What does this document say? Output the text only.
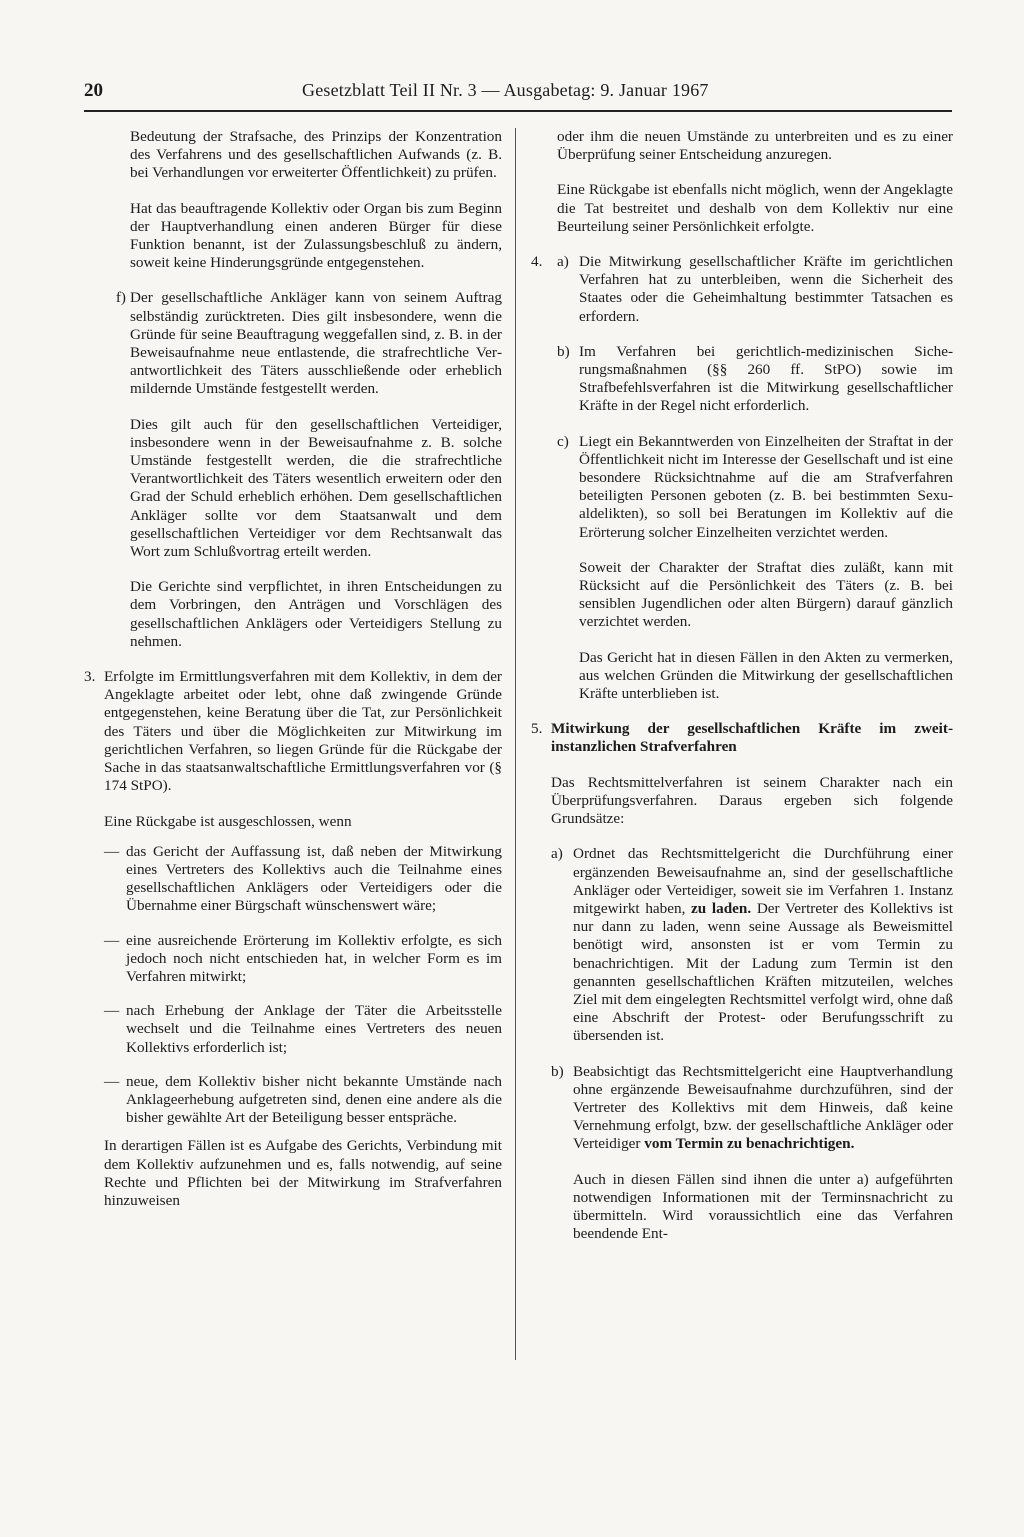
20	Gesetzblatt Teil II Nr. 3 — Ausgabetag: 9. Januar 1967

Bedeutung der Strafsache, des Prinzips der Konzentration des Verfahrens und des gesellschaftlichen Aufwands (z. B. bei Verhandlungen vor erweiterter Öffentlichkeit) zu prüfen.

Hat das beauftragende Kollektiv oder Organ bis zum Beginn der Hauptverhandlung einen anderen Bürger für diese Funktion benannt, ist der Zulassungsbeschluß zu ändern, soweit keine Hinderungsgründe entgegenstehen.

f) Der gesellschaftliche Ankläger kann von seinem Auftrag selbständig zurücktreten. Dies gilt insbesondere, wenn die Gründe für seine Beauftragung weggefallen sind, z. B. in der Beweisaufnahme neue entlastende, die strafrechtliche Verantwortlichkeit des Täters ausschließende oder erheblich mildernde Umstände festgestellt werden.

Dies gilt auch für den gesellschaftlichen Verteidiger, insbesondere wenn in der Beweisaufnahme z. B. solche Umstände festgestellt werden, die die strafrechtliche Verantwortlichkeit des Täters wesentlich erweitern oder den Grad der Schuld erheblich erhöhen. Dem gesellschaftlichen Ankläger sollte vor dem Staatsanwalt und dem gesellschaftlichen Verteidiger vor dem Rechtsanwalt das Wort zum Schlußvortrag erteilt werden.

Die Gerichte sind verpflichtet, in ihren Entscheidungen zu dem Vorbringen, den Anträgen und Vorschlägen des gesellschaftlichen Anklägers oder Verteidigers Stellung zu nehmen.

3. Erfolgte im Ermittlungsverfahren mit dem Kollektiv, in dem der Angeklagte arbeitet oder lebt, ohne daß zwingende Gründe entgegenstehen, keine Beratung über die Tat, zur Persönlichkeit des Täters und über die Möglichkeiten zur Mitwirkung im gerichtlichen Verfahren, so liegen Gründe für die Rückgabe der Sache in das staatsanwaltschaftliche Ermittlungsverfahren vor (§ 174 StPO).

Eine Rückgabe ist ausgeschlossen, wenn

— das Gericht der Auffassung ist, daß neben der Mitwirkung eines Vertreters des Kollektivs auch die Teilnahme eines gesellschaftlichen Anklägers oder Verteidigers oder die Übernahme einer Bürgschaft wünschenswert wäre;
— eine ausreichende Erörterung im Kollektiv erfolgte, es sich jedoch noch nicht entschieden hat, in welcher Form es im Verfahren mitwirkt;
— nach Erhebung der Anklage der Täter die Arbeitsstelle wechselt und die Teilnahme eines Vertreters des neuen Kollektivs erforderlich ist;
— neue, dem Kollektiv bisher nicht bekannte Umstände nach Anklageerhebung aufgetreten sind, denen eine andere als die bisher gewählte Art der Beteiligung besser entspräche.

In derartigen Fällen ist es Aufgabe des Gerichts, Verbindung mit dem Kollektiv aufzunehmen und es, falls notwendig, auf seine Rechte und Pflichten bei der Mitwirkung im Strafverfahren hinzuweisen

oder ihm die neuen Umstände zu unterbreiten und es zu einer Überprüfung seiner Entscheidung anzuregen.

Eine Rückgabe ist ebenfalls nicht möglich, wenn der Angeklagte die Tat bestreitet und deshalb von dem Kollektiv nur eine Beurteilung seiner Persönlichkeit erfolgte.

4. a) Die Mitwirkung gesellschaftlicher Kräfte im gerichtlichen Verfahren hat zu unterbleiben, wenn die Sicherheit des Staates oder die Geheimhaltung bestimmter Tatsachen es erfordern.

b) Im Verfahren bei gerichtlich-medizinischen Sicherungsmaßnahmen (§§ 260 ff. StPO) sowie im Strafbefehlsverfahren ist die Mitwirkung gesellschaftlicher Kräfte in der Regel nicht erforderlich.

c) Liegt ein Bekanntwerden von Einzelheiten der Straftat in der Öffentlichkeit nicht im Interesse der Gesellschaft und ist eine besondere Rücksichtnahme auf die am Strafverfahren beteiligten Personen geboten (z. B. bei bestimmten Sexualdelikten), so soll bei Beratungen im Kollektiv auf die Erörterung solcher Einzelheiten verzichtet werden.

Soweit der Charakter der Straftat dies zuläßt, kann mit Rücksicht auf die Persönlichkeit des Täters (z. B. bei sensiblen Jugendlichen oder alten Bürgern) darauf gänzlich verzichtet werden.

Das Gericht hat in diesen Fällen in den Akten zu vermerken, aus welchen Gründen die Mitwirkung der gesellschaftlichen Kräfte unterblieben ist.

5. Mitwirkung der gesellschaftlichen Kräfte im zweitinstanzlichen Strafverfahren

Das Rechtsmittelverfahren ist seinem Charakter nach ein Überprüfungsverfahren. Daraus ergeben sich folgende Grundsätze:

a) Ordnet das Rechtsmittelgericht die Durchführung einer ergänzenden Beweisaufnahme an, sind der gesellschaftliche Ankläger oder Verteidiger, soweit sie im Verfahren 1. Instanz mitgewirkt haben, zu laden. Der Vertreter des Kollektivs ist nur dann zu laden, wenn seine Aussage als Beweismittel benötigt wird, ansonsten ist er vom Termin zu benachrichtigen. Mit der Ladung zum Termin ist den genannten gesellschaftlichen Kräften mitzuteilen, welches Ziel mit dem eingelegten Rechtsmittel verfolgt wird, ohne daß eine Abschrift der Protest- oder Berufungsschrift zu übersenden ist.

b) Beabsichtigt das Rechtsmittelgericht eine Hauptverhandlung ohne ergänzende Beweisaufnahme durchzuführen, sind der Vertreter des Kollektivs mit dem Hinweis, daß keine Vernehmung erfolgt, bzw. der gesellschaftliche Ankläger oder Verteidiger vom Termin zu benachrichtigen.

Auch in diesen Fällen sind ihnen die unter a) aufgeführten notwendigen Informationen mit der Terminsnachricht zu übermitteln. Wird voraussichtlich eine das Verfahren beendende Ent-
